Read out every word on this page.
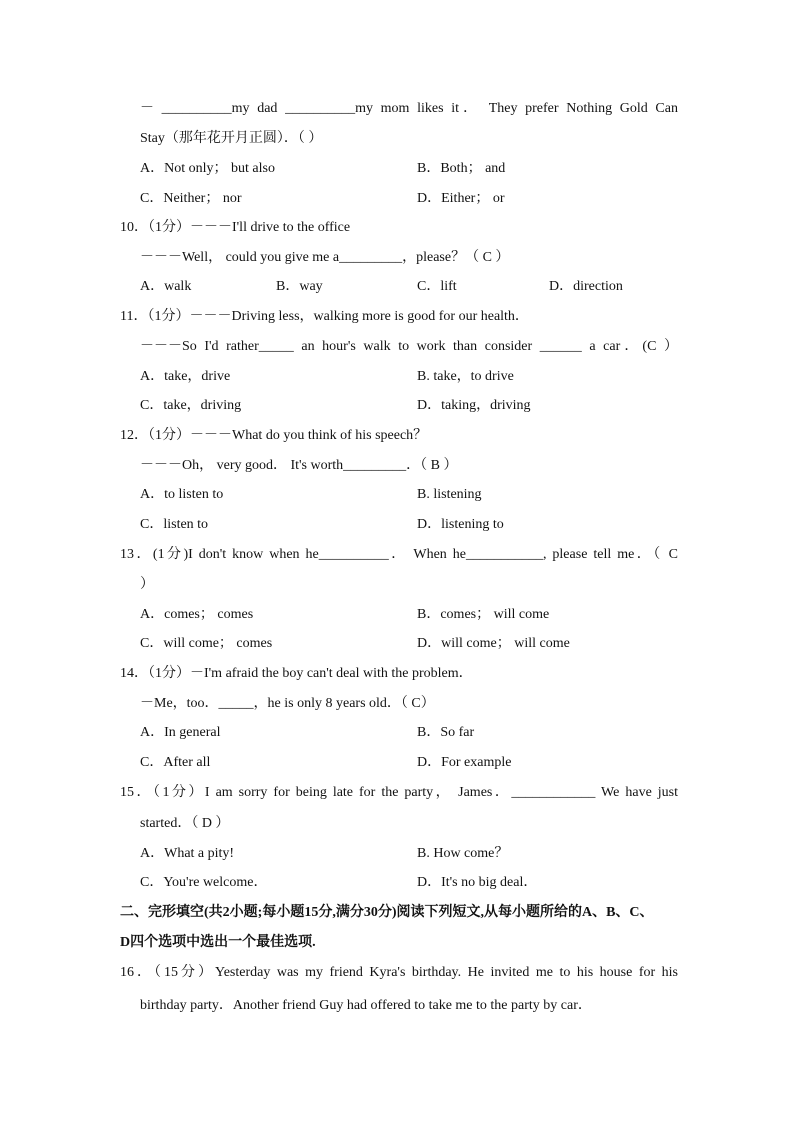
－ __________my dad __________my mom likes it． They prefer Nothing Gold Can
Stay（那年花开月正圆）．（ ）
A．Not only； but also	B．Both； and
C．Neither； nor	D．Either； or
10．（1分）－－－I'll drive to the office
－－－Well， could you give me a_________，please？（ C ）
A．walk	B．way	C．lift	D．direction
11．（1分）－－－Driving less，walking more is good for our health．
－－－So I'd rather_____ an hour's walk to work than consider ______ a car．(C ）
A．take，drive	B. take，to drive
C．take，driving	D．taking，driving
12．（1分）－－－What do you think of his speech？
－－－Oh， very good． It's worth_________．（ B ）
A．to listen to	B. listening
C．listen to	D．listening to
13．(1分)I don't know when he__________． When he___________, please tell me．（ C
）
A．comes； comes	B．comes； will come
C．will come； comes	D．will come； will come
14．（1分）－I'm afraid the boy can't deal with the problem．
－Me，too．_____，he is only 8 years old．（ C）
A．In general	B．So far
C．After all	D．For example
15．（1分）I am sorry for being late for the party， James．____________ We have just
started．（ D ）
A．What a pity!	B. How come？
C．You're welcome．	D．It's no big deal．
二、完形填空(共2小题;每小题15分,满分30分)阅读下列短文,从每小题所给的A、B、C、
D四个选项中选出一个最佳选项.
16．（15分）Yesterday was my friend Kyra's birthday. He invited me to his house for his
birthday party．Another friend Guy had offered to take me to the party by car．
